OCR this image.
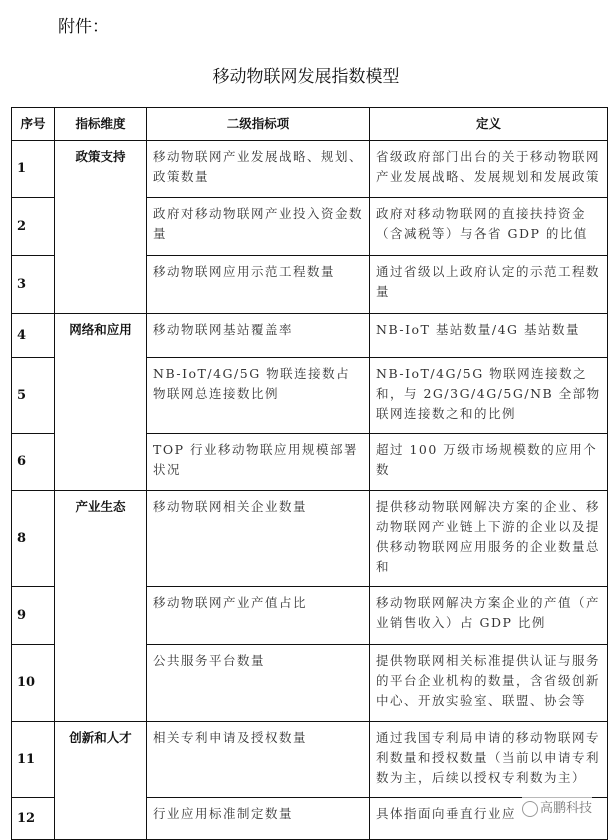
附件：
移动物联网发展指数模型
序号	指标维度	二级指标项	定义
1	政策支持	移动物联网产业发展战略、规划、政策数量	省级政府部门出台的关于移动物联网产业发展战略、发展规划和发展政策
2		政府对移动物联网产业投入资金数量	政府对移动物联网的直接扶持资金（含减税等）与各省 GDP 的比值
3		移动物联网应用示范工程数量	通过省级以上政府认定的示范工程数量
4	网络和应用	移动物联网基站覆盖率	NB-IoT 基站数量/4G 基站数量
5		NB-IoT/4G/5G 物联连接数占物联网总连接数比例	NB-IoT/4G/5G 物联网连接数之和，与 2G/3G/4G/5G/NB 全部物联网连接数之和的比例
6		TOP 行业移动物联应用规模部署状况	超过 100 万级市场规模数的应用个数
8	产业生态	移动物联网相关企业数量	提供移动物联网解决方案的企业、移动物联网产业链上下游的企业以及提供移动物联网应用服务的企业数量总和
9		移动物联网产业产值占比	移动物联网解决方案企业的产值（产业销售收入）占 GDP 比例
10		公共服务平台数量	提供物联网相关标准提供认证与服务的平台企业机构的数量，含省级创新中心、开放实验室、联盟、协会等
11	创新和人才	相关专利申请及授权数量	通过我国专利局申请的移动物联网专利数量和授权数量（当前以申请专利数为主，后续以授权专利数为主）
12		行业应用标准制定数量	具体指面向垂直行业应	高鹏科技
